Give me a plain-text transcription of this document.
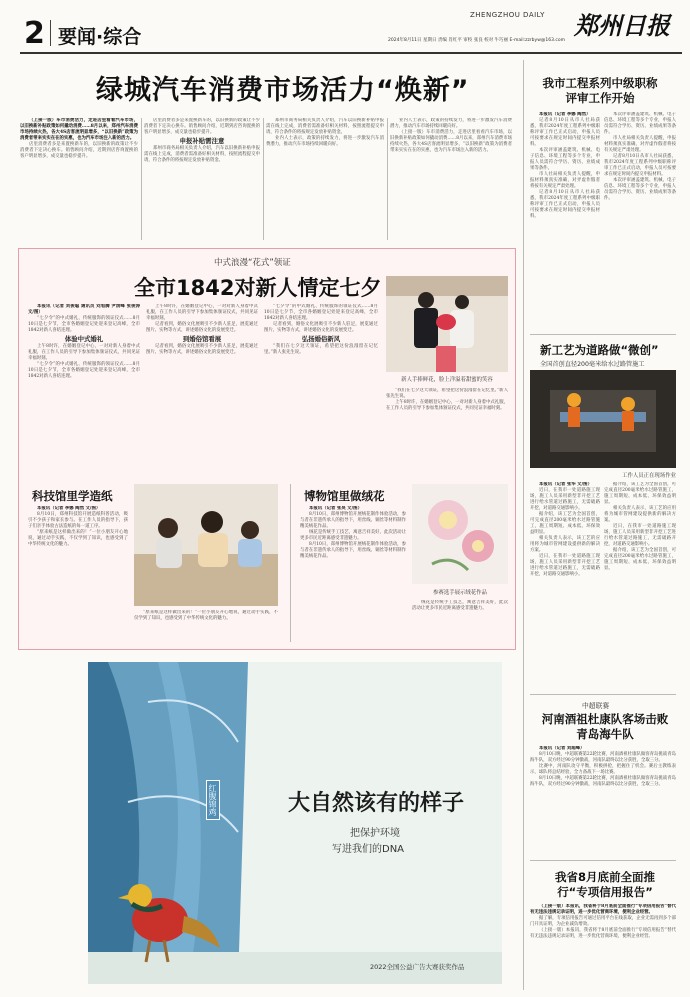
2 要闻·综合
ZHENGZHOU DAILY 郑州日报
2024年8月11日 星期日 责编 肖红平 审校 张良 校对 牛巧丽 E-mail:zzrbyw@163.com
绿城汽车消费市场活力“焕新”

（上接一版）车市消费活力，走进店里看看汽车市场，以旧换新补贴政策如何撬动消费……8月以来，郑州汽车消费市场持续火热，各大4S店客流明显增多，“以旧换新”政策为消费者带来实实在在的实惠，也为汽车市场注入新的活力。

店里消费者多是来置换新车的，以旧换新的政策让不少消费者下定决心换车。销售顾问介绍，近期到店咨询置换的客户明显增多，成交量也稳步提升。

店里消费者多是来置换新车的，以旧换新的政策让不少消费者下定决心换车。销售顾问介绍，近期到店咨询置换的客户明显增多，成交量也稳步提升。

申报补贴需注意

郑州市商务局相关负责人介绍，汽车以旧换新补贴申报需在线上完成，消费者需准备好相关材料，按照流程提交申请，符合条件的将按规定发放补贴资金。

郑州市商务局相关负责人介绍，汽车以旧换新补贴申报需在线上完成，消费者需准备好相关材料，按照流程提交申请，符合条件的将按规定发放补贴资金。

业内人士表示，政策的持续发力，将进一步激发汽车消费潜力，推动汽车市场持续回暖向好。

业内人士表示，政策的持续发力，将进一步激发汽车消费潜力，推动汽车市场持续回暖向好。

（上接一版）车市消费活力，走进店里看看汽车市场，以旧换新补贴政策如何撬动消费……8月以来，郑州汽车消费市场持续火热，各大4S店客流明显增多，“以旧换新”政策为消费者带来实实在在的实惠，也为汽车市场注入新的活力。

中式浪漫“花式”领证
全市1842对新人情定七夕

本报讯（记者 刘俊聪 通讯员 刘旭腾 尹清峰 张俊涛 文/图）

“七夕令”的中式婚礼、传统服饰的领证仪式……8月10日是七夕节，全市各婚姻登记处迎来登记高峰，全市1842对新人喜结连理。

体验中式婚礼

上午8时许，在婚姻登记中心，一对对新人身着中式礼服，在工作人员的引导下参加集体颁证仪式，共同见证幸福时刻。

“七夕令”的中式婚礼、传统服饰的领证仪式……8月10日是七夕节，全市各婚姻登记处迎来登记高峰，全市1842对新人喜结连理。

上午8时许，在婚姻登记中心，一对对新人身着中式礼服，在工作人员的引导下参加集体颁证仪式，共同见证幸福时刻。

记者看到，婚俗文化展吸引不少新人驻足，展览通过图片、实物等方式，讲述婚俗文化的发展变迁。

到婚俗馆看展

记者看到，婚俗文化展吸引不少新人驻足，展览通过图片、实物等方式，讲述婚俗文化的发展变迁。

“七夕令”的中式婚礼、传统服饰的领证仪式……8月10日是七夕节，全市各婚姻登记处迎来登记高峰，全市1842对新人喜结连理。

记者看到，婚俗文化展吸引不少新人驻足，展览通过图片、实物等方式，讲述婚俗文化的发展变迁。

弘扬婚俗新风

“我们在七夕这天领证，希望把这份浪漫留在记忆里。”新人张先生说。

新人手捧鲜花，脸上洋溢着甜蜜的笑容

“我们在七夕这天领证，希望把这份浪漫留在记忆里。”新人张先生说。

上午8时许，在婚姻登记中心，一对对新人身着中式礼服，在工作人员的引导下参加集体颁证仪式，共同见证幸福时刻。

科技馆里学造纸

本报讯（记者 李娜 陶然 文/图）

8月10日，郑州科技馆开展造纸科普活动，吸引不少孩子和家长参与。在工作人员的指导下，孩子们亲手体验古法造纸的每一道工序。

“原来纸是这样做出来的！”一位小朋友开心地说，通过动手实践，不仅学到了知识，也感受到了中华传统文化的魅力。

“原来纸是这样做出来的！”一位小朋友开心地说，通过动手实践，不仅学到了知识，也感受到了中华传统文化的魅力。

博物馆里做绒花

本报讯（记者 张昊 文/图）

8月10日，郑州博物馆开展绒花制作体验活动，参与者在非遗传承人的指导下，用丝线、铜丝等材料制作精美绒花作品。

绒花是传统手工技艺，寓意吉祥美好，此次活动让更多市民近距离感受非遗魅力。

8月10日，郑州博物馆开展绒花制作体验活动，参与者在非遗传承人的指导下，用丝线、铜丝等材料制作精美绒花作品。

参赛选手展示绒花作品

绒花是传统手工技艺，寓意吉祥美好，此次活动让更多市民近距离感受非遗魅力。

红腹锦鸡	大自然该有的样子
把保护环境
写进我们的DNA
2022全国公益广告大赛获奖作品
我市工程系列中级职称评审工作开始

本报讯（记者 李娜 陶然）

记者8月10日从市人社局获悉，我市2024年度工程系列中级职称评审工作已正式启动，申报人员可按要求在规定时间内提交申报材料。

本次评审涵盖建筑、机械、电子信息、环境工程等多个专业，申报人员需符合学历、资历、业绩成果等条件。

市人社局相关负责人提醒，申报材料须真实准确，对弄虚作假者将按有关规定严肃处理。

记者8月10日从市人社局获悉，我市2024年度工程系列中级职称评审工作已正式启动，申报人员可按要求在规定时间内提交申报材料。

本次评审涵盖建筑、机械、电子信息、环境工程等多个专业，申报人员需符合学历、资历、业绩成果等条件。

市人社局相关负责人提醒，申报材料须真实准确，对弄虚作假者将按有关规定严肃处理。

记者8月10日从市人社局获悉，我市2024年度工程系列中级职称评审工作已正式启动，申报人员可按要求在规定时间内提交申报材料。

本次评审涵盖建筑、机械、电子信息、环境工程等多个专业，申报人员需符合学历、资历、业绩成果等条件。

新工艺为道路做“微创”
全国首创直径200毫米给水过路管施工
工作人员正在现场作业

本报讯（记者 张华 文/图）

近日，在我市一处道路施工现场，施工人员采用新型非开挖工艺进行给水管道过路施工，无需破路开挖，对道路交通影响小。

据介绍，该工艺为全国首创，可完成直径200毫米给水过路管施工，施工周期短、成本低、环保效益明显。

相关负责人表示，该工艺的应用将为城市管网建设提供新的解决方案。

近日，在我市一处道路施工现场，施工人员采用新型非开挖工艺进行给水管道过路施工，无需破路开挖，对道路交通影响小。

据介绍，该工艺为全国首创，可完成直径200毫米给水过路管施工，施工周期短、成本低、环保效益明显。

相关负责人表示，该工艺的应用将为城市管网建设提供新的解决方案。

近日，在我市一处道路施工现场，施工人员采用新型非开挖工艺进行给水管道过路施工，无需破路开挖，对道路交通影响小。

据介绍，该工艺为全国首创，可完成直径200毫米给水过路管施工，施工周期短、成本低、环保效益明显。

中超联赛
河南酒祖杜康队客场击败青岛海牛队

本报讯（记者 刘超峰）

8月10日晚，中超联赛第22轮比赛，河南酒祖杜康队做客青岛挑战青岛海牛队，双方经过90分钟激战，河南队最终以比分获胜，全取三分。

比赛中，河南队攻守平衡，积极拼抢，把握住了机会。赛后主教练表示，球队将总结经验，全力备战下一场比赛。

8月10日晚，中超联赛第22轮比赛，河南酒祖杜康队做客青岛挑战青岛海牛队，双方经过90分钟激战，河南队最终以比分获胜，全取三分。

我省8月底前全面推行“专项信用报告”

（上接一版）本报讯，我省将于8月底前全面推行“专项信用报告”替代有无违法违规记录证明，进一步优化营商环境，便利企业经营。

据了解，专项信用报告可通过信用平台在线获取，企业无需再到多个部门开具证明，为企业减负增效。

（上接一版）本报讯，我省将于8月底前全面推行“专项信用报告”替代有无违法违规记录证明，进一步优化营商环境，便利企业经营。
